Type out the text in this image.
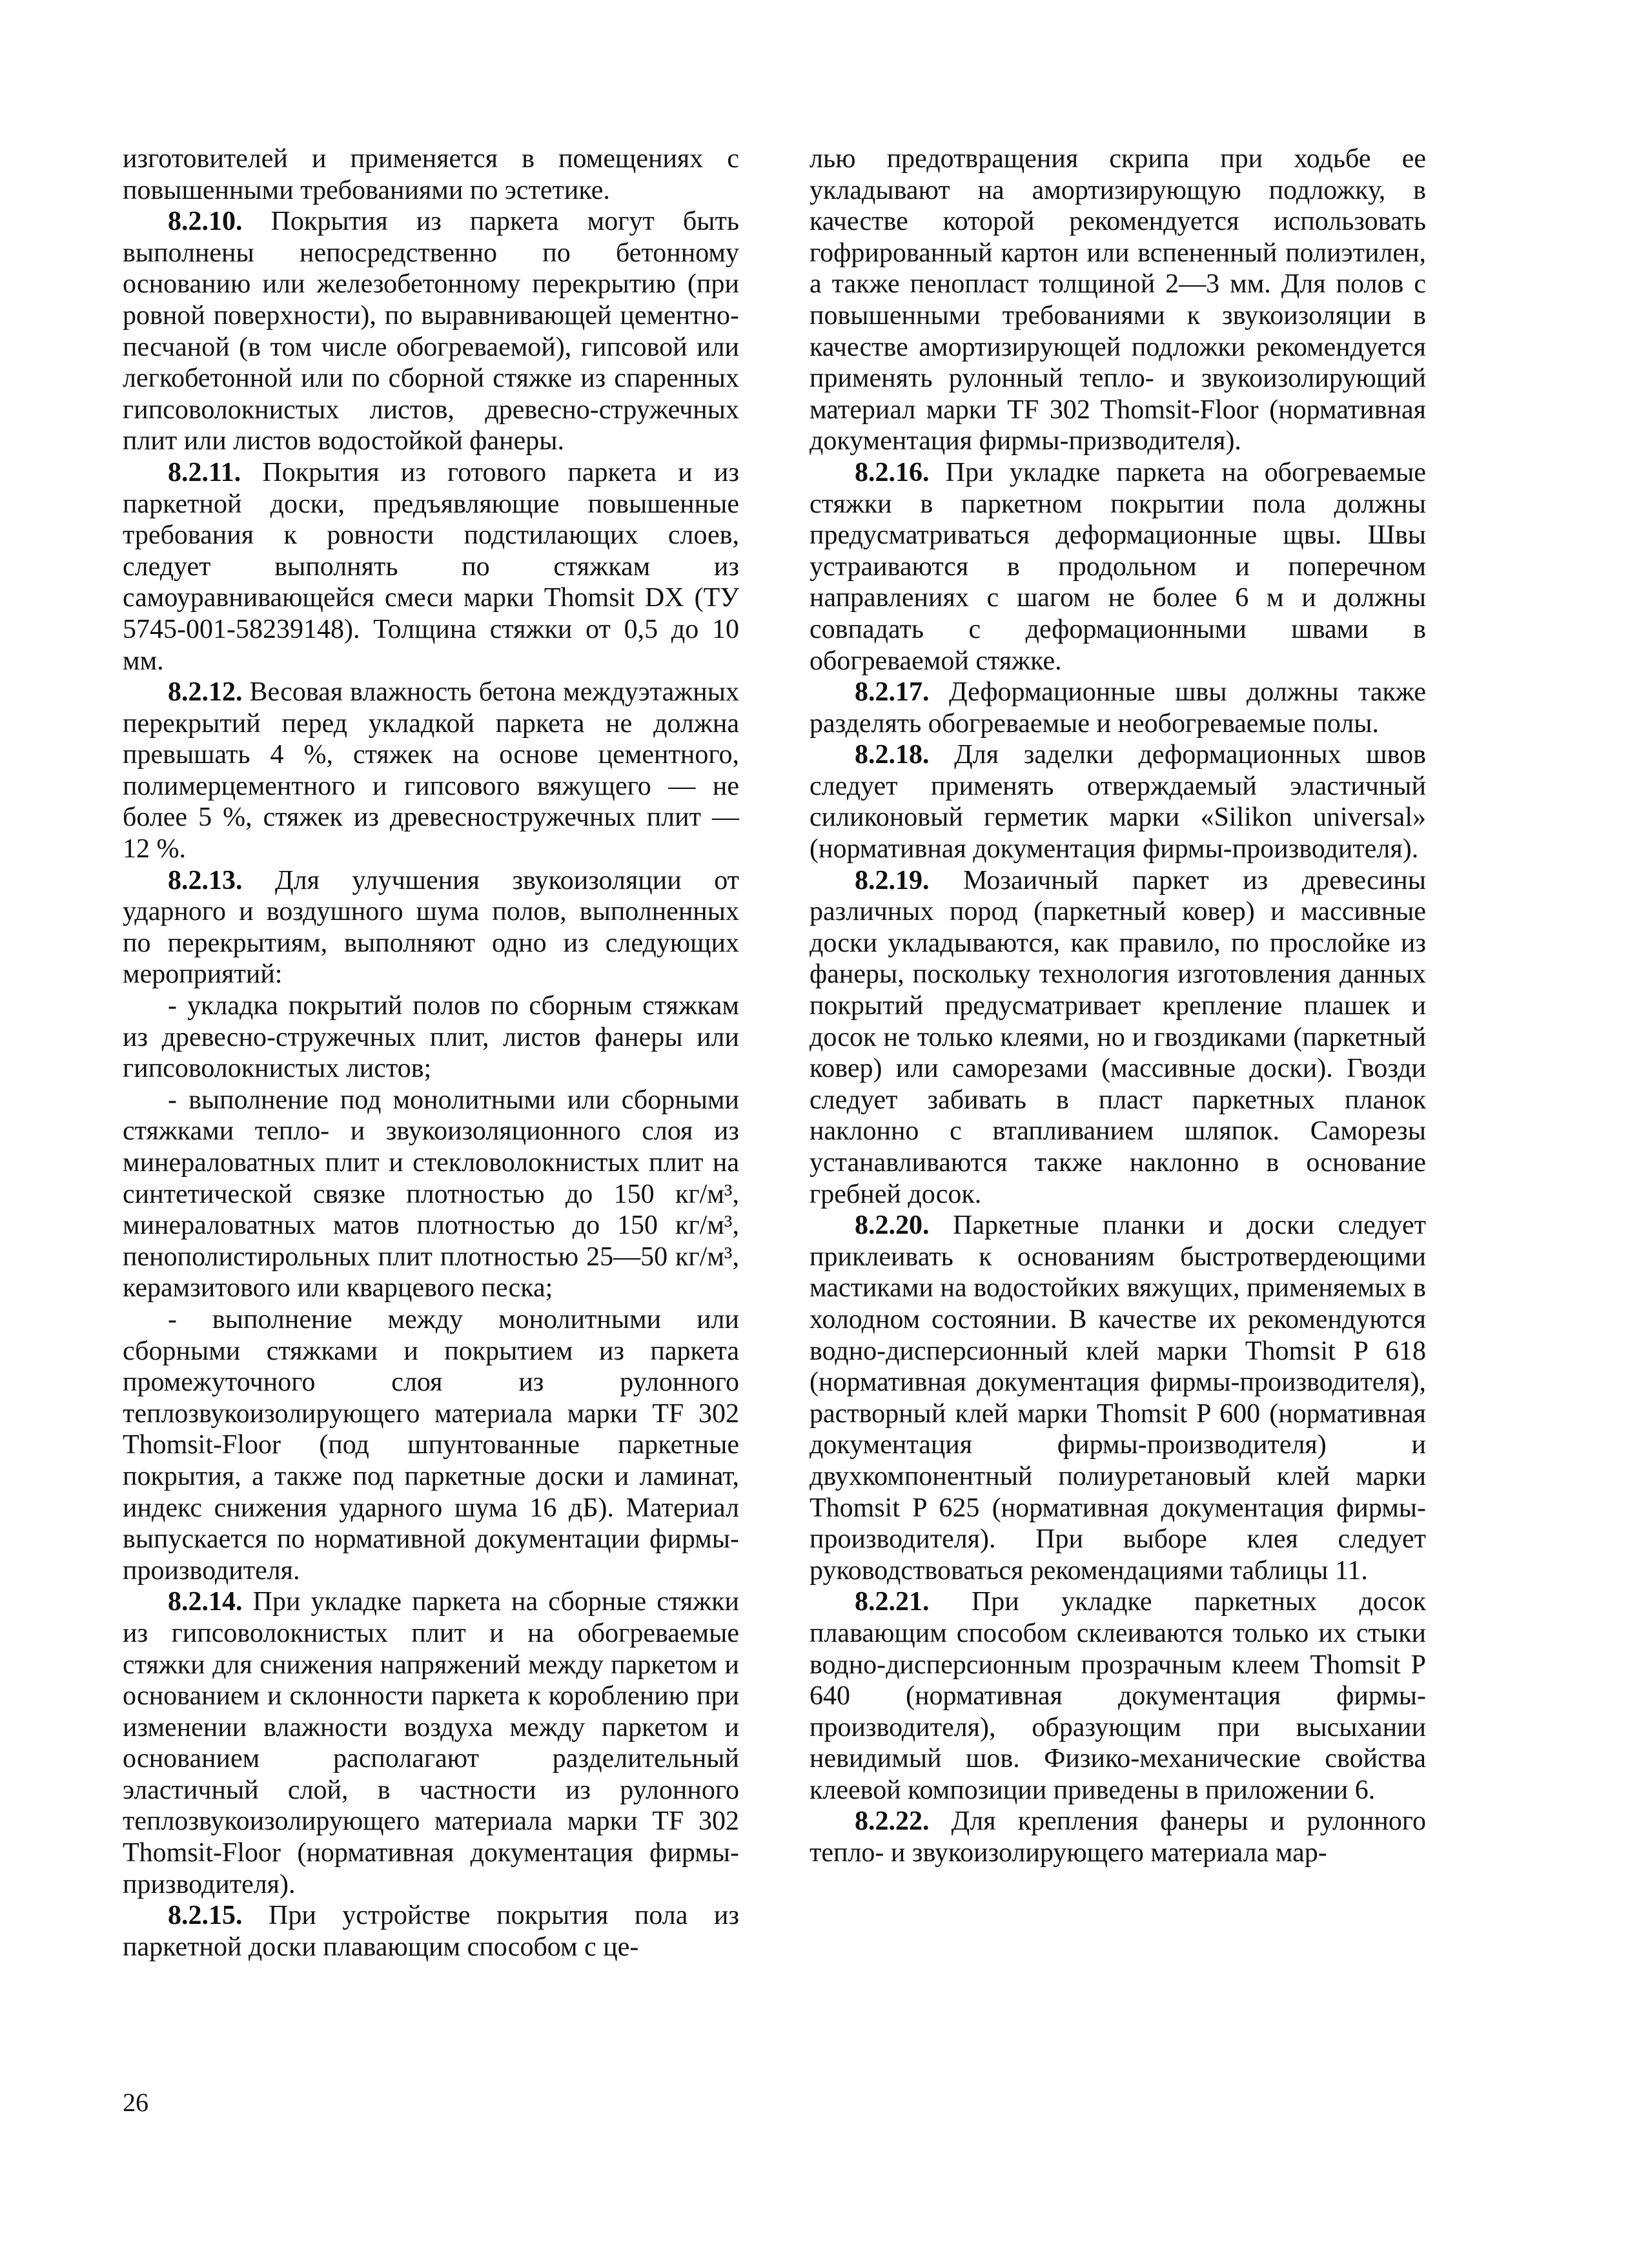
изготовителей и применяется в помещениях с повышенными требованиями по эстетике.

8.2.10. Покрытия из паркета могут быть выполнены непосредственно по бетонному основанию или железобетонному перекрытию (при ровной поверхности), по выравнивающей цементно-песчаной (в том числе обогреваемой), гипсовой или легкобетонной или по сборной стяжке из спаренных гипсоволокнистых листов, древесно-стружечных плит или листов водостойкой фанеры.

8.2.11. Покрытия из готового паркета и из паркетной доски, предъявляющие повышенные требования к ровности подстилающих слоев, следует выполнять по стяжкам из самоуравнивающейся смеси марки Thomsit DX (ТУ 5745-001-58239148). Толщина стяжки от 0,5 до 10 мм.

8.2.12. Весовая влажность бетона междуэтажных перекрытий перед укладкой паркета не должна превышать 4 %, стяжек на основе цементного, полимерцементного и гипсового вяжущего — не более 5 %, стяжек из древесностружечных плит — 12 %.

8.2.13. Для улучшения звукоизоляции от ударного и воздушного шума полов, выполненных по перекрытиям, выполняют одно из следующих мероприятий:

- укладка покрытий полов по сборным стяжкам из древесно-стружечных плит, листов фанеры или гипсоволокнистых листов;

- выполнение под монолитными или сборными стяжками тепло- и звукоизоляционного слоя из минераловатных плит и стекловолокнистых плит на синтетической связке плотностью до 150 кг/м³, минераловатных матов плотностью до 150 кг/м³, пенополистирольных плит плотностью 25—50 кг/м³, керамзитового или кварцевого песка;

- выполнение между монолитными или сборными стяжками и покрытием из паркета промежуточного слоя из рулонного теплозвукоизолирующего материала марки TF 302 Thomsit-Floor (под шпунтованные паркетные покрытия, а также под паркетные доски и ламинат, индекс снижения ударного шума 16 дБ). Материал выпускается по нормативной документации фирмы-производителя.

8.2.14. При укладке паркета на сборные стяжки из гипсоволокнистых плит и на обогреваемые стяжки для снижения напряжений между паркетом и основанием и склонности паркета к короблению при изменении влажности воздуха между паркетом и основанием располагают разделительный эластичный слой, в частности из рулонного теплозвукоизолирующего материала марки TF 302 Thomsit-Floor (нормативная документация фирмы-призводителя).

8.2.15. При устройстве покрытия пола из паркетной доски плавающим способом с це-

лью предотвращения скрипа при ходьбе ее укладывают на амортизирующую подложку, в качестве которой рекомендуется использовать гофрированный картон или вспененный полиэтилен, а также пенопласт толщиной 2—3 мм. Для полов с повышенными требованиями к звукоизоляции в качестве амортизирующей подложки рекомендуется применять рулонный тепло- и звукоизолирующий материал марки TF 302 Thomsit-Floor (нормативная документация фирмы-призводителя).

8.2.16. При укладке паркета на обогреваемые стяжки в паркетном покрытии пола должны предусматриваться деформационные щвы. Швы устраиваются в продольном и поперечном направлениях с шагом не более 6 м и должны совпадать с деформационными швами в обогреваемой стяжке.

8.2.17. Деформационные швы должны также разделять обогреваемые и необогреваемые полы.

8.2.18. Для заделки деформационных швов следует применять отверждаемый эластичный силиконовый герметик марки «Silikon universal» (нормативная документация фирмы-производителя).

8.2.19. Мозаичный паркет из древесины различных пород (паркетный ковер) и массивные доски укладываются, как правило, по прослойке из фанеры, поскольку технология изготовления данных покрытий предусматривает крепление плашек и досок не только клеями, но и гвоздиками (паркетный ковер) или саморезами (массивные доски). Гвозди следует забивать в пласт паркетных планок наклонно с втапливанием шляпок. Саморезы устанавливаются также наклонно в основание гребней досок.

8.2.20. Паркетные планки и доски следует приклеивать к основаниям быстротвердеющими мастиками на водостойких вяжущих, применяемых в холодном состоянии. В качестве их рекомендуются водно-дисперсионный клей марки Thomsit P 618 (нормативная документация фирмы-производителя), растворный клей марки Thomsit P 600 (нормативная документация фирмы-производителя) и двухкомпонентный полиуретановый клей марки Thomsit P 625 (нормативная документация фирмы-производителя). При выборе клея следует руководствоваться рекомендациями таблицы 11.

8.2.21. При укладке паркетных досок плавающим способом склеиваются только их стыки водно-дисперсионным прозрачным клеем Thomsit P 640 (нормативная документация фирмы-производителя), образующим при высыхании невидимый шов. Физико-механические свойства клеевой композиции приведены в приложении 6.

8.2.22. Для крепления фанеры и рулонного тепло- и звукоизолирующего материала мар-

26
